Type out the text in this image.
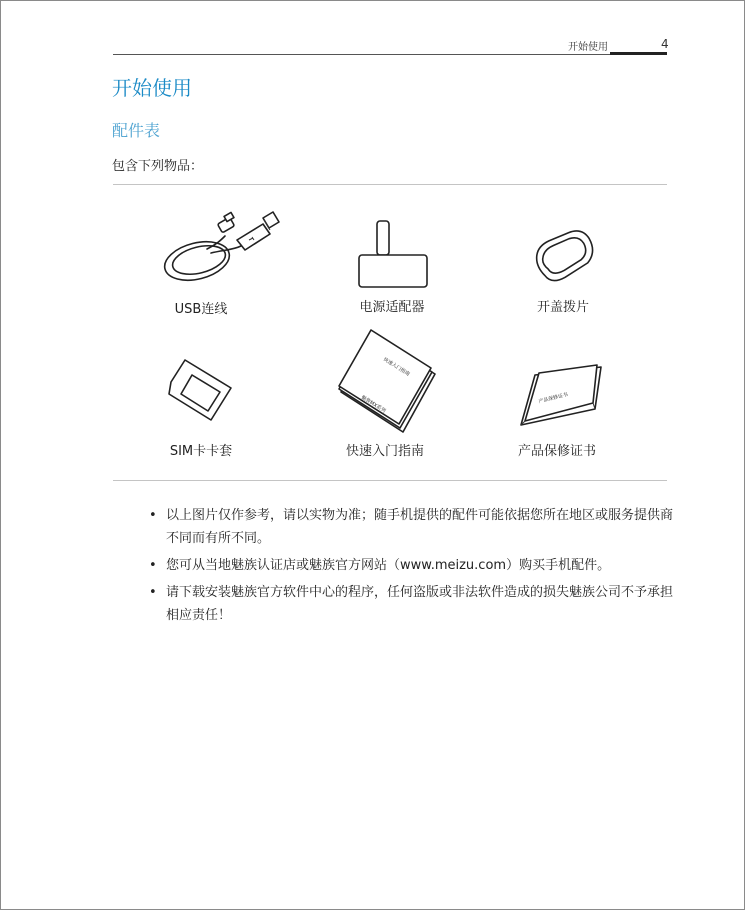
开始使用	4
开始使用
配件表
包含下列物品：
USB连线	电源适配器	开盖拨片
SIM卡卡套
快速入门指南
魅族MX系列
快速入门指南
产品保修证书
产品保修证书
• 以上图片仅作参考，请以实物为准；随手机提供的配件可能依据您所在地区或服务提供商不同而有所不同。
• 您可从当地魅族认证店或魅族官方网站（www.meizu.com）购买手机配件。
• 请下载安装魅族官方软件中心的程序，任何盗版或非法软件造成的损失魅族公司不予承担相应责任！
